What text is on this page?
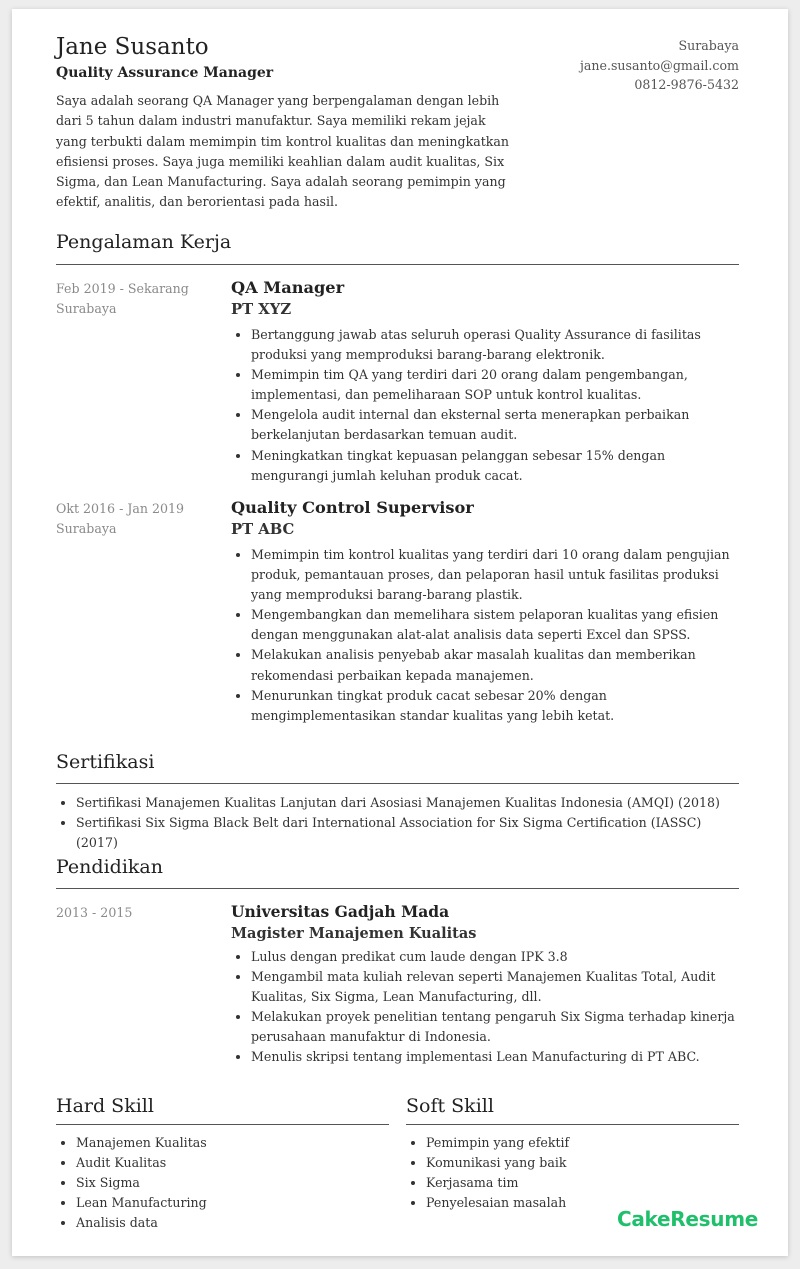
Jane Susanto
Quality Assurance Manager
Saya adalah seorang QA Manager yang berpengalaman dengan lebih dari 5 tahun dalam industri manufaktur. Saya memiliki rekam jejak yang terbukti dalam memimpin tim kontrol kualitas dan meningkatkan efisiensi proses. Saya juga memiliki keahlian dalam audit kualitas, Six Sigma, dan Lean Manufacturing. Saya adalah seorang pemimpin yang efektif, analitis, dan berorientasi pada hasil.
Surabaya
jane.susanto@gmail.com
0812-9876-5432
Pengalaman Kerja
Feb 2019 - Sekarang
Surabaya
QA Manager
PT XYZ
Bertanggung jawab atas seluruh operasi Quality Assurance di fasilitas produksi yang memproduksi barang-barang elektronik.
Memimpin tim QA yang terdiri dari 20 orang dalam pengembangan, implementasi, dan pemeliharaan SOP untuk kontrol kualitas.
Mengelola audit internal dan eksternal serta menerapkan perbaikan berkelanjutan berdasarkan temuan audit.
Meningkatkan tingkat kepuasan pelanggan sebesar 15% dengan mengurangi jumlah keluhan produk cacat.
Okt 2016 - Jan 2019
Surabaya
Quality Control Supervisor
PT ABC
Memimpin tim kontrol kualitas yang terdiri dari 10 orang dalam pengujian produk, pemantauan proses, dan pelaporan hasil untuk fasilitas produksi yang memproduksi barang-barang plastik.
Mengembangkan dan memelihara sistem pelaporan kualitas yang efisien dengan menggunakan alat-alat analisis data seperti Excel dan SPSS.
Melakukan analisis penyebab akar masalah kualitas dan memberikan rekomendasi perbaikan kepada manajemen.
Menurunkan tingkat produk cacat sebesar 20% dengan mengimplementasikan standar kualitas yang lebih ketat.
Sertifikasi
Sertifikasi Manajemen Kualitas Lanjutan dari Asosiasi Manajemen Kualitas Indonesia (AMQI) (2018)
Sertifikasi Six Sigma Black Belt dari International Association for Six Sigma Certification (IASSC) (2017)
Pendidikan
2013 - 2015	Universitas Gadjah Mada
Magister Manajemen Kualitas
Lulus dengan predikat cum laude dengan IPK 3.8
Mengambil mata kuliah relevan seperti Manajemen Kualitas Total, Audit Kualitas, Six Sigma, Lean Manufacturing, dll.
Melakukan proyek penelitian tentang pengaruh Six Sigma terhadap kinerja perusahaan manufaktur di Indonesia.
Menulis skripsi tentang implementasi Lean Manufacturing di PT ABC.
Hard Skill
Manajemen Kualitas
Audit Kualitas
Six Sigma
Lean Manufacturing
Analisis data
Soft Skill
Pemimpin yang efektif
Komunikasi yang baik
Kerjasama tim
Penyelesaian masalah
CakeResume
